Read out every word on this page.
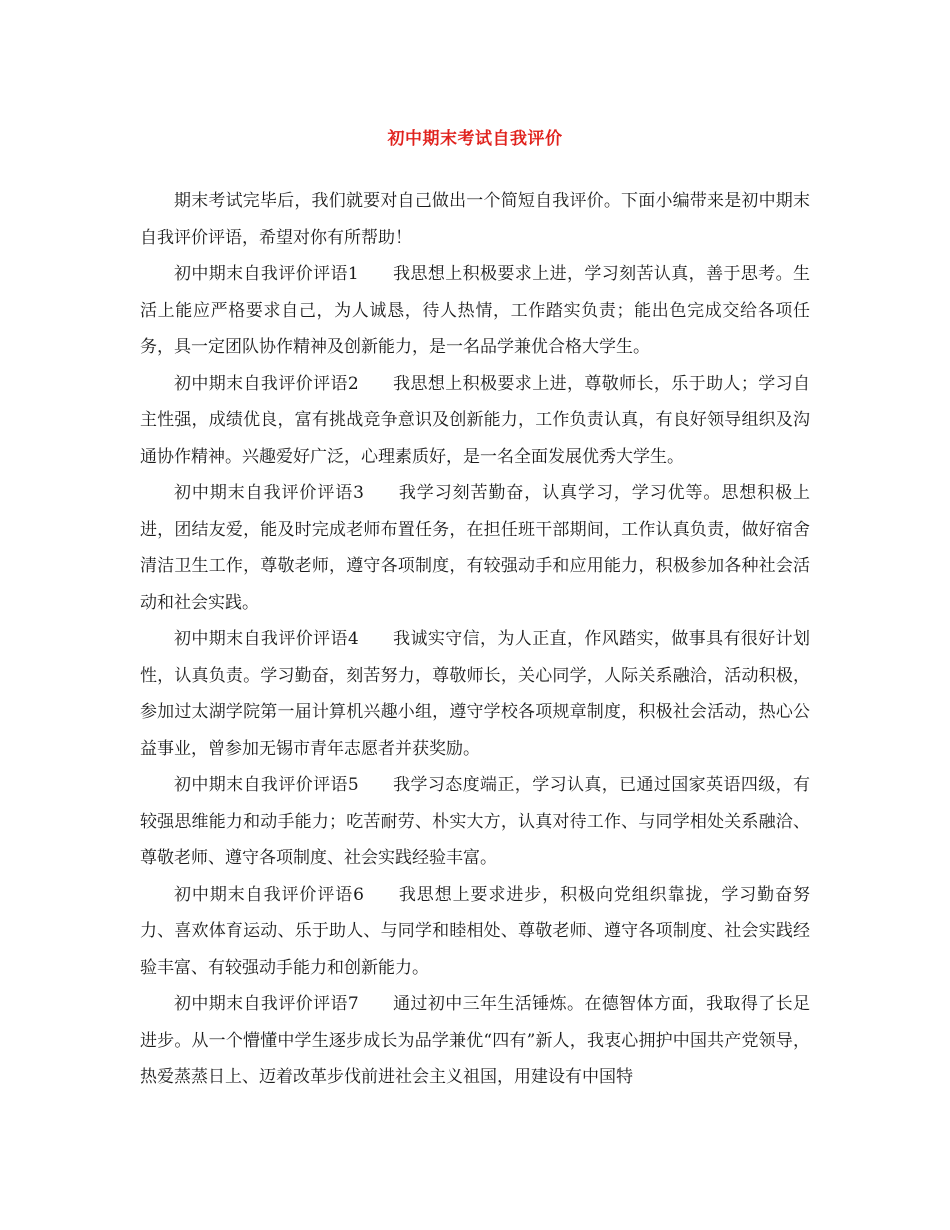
初中期末考试自我评价

期末考试完毕后，我们就要对自己做出一个简短自我评价。下面小编带来是初中期末自我评价评语，希望对你有所帮助！

初中期末自我评价评语1 我思想上积极要求上进，学习刻苦认真，善于思考。生活上能应严格要求自己，为人诚恳，待人热情，工作踏实负责；能出色完成交给各项任务，具一定团队协作精神及创新能力，是一名品学兼优合格大学生。

初中期末自我评价评语2 我思想上积极要求上进，尊敬师长，乐于助人；学习自主性强，成绩优良，富有挑战竞争意识及创新能力，工作负责认真，有良好领导组织及沟通协作精神。兴趣爱好广泛，心理素质好，是一名全面发展优秀大学生。

初中期末自我评价评语3 我学习刻苦勤奋，认真学习，学习优等。思想积极上进，团结友爱，能及时完成老师布置任务，在担任班干部期间，工作认真负责，做好宿舍清洁卫生工作，尊敬老师，遵守各项制度，有较强动手和应用能力，积极参加各种社会活动和社会实践。

初中期末自我评价评语4 我诚实守信，为人正直，作风踏实，做事具有很好计划性，认真负责。学习勤奋，刻苦努力，尊敬师长，关心同学，人际关系融洽，活动积极，参加过太湖学院第一届计算机兴趣小组，遵守学校各项规章制度，积极社会活动，热心公益事业，曾参加无锡市青年志愿者并获奖励。

初中期末自我评价评语5 我学习态度端正，学习认真，已通过国家英语四级，有较强思维能力和动手能力；吃苦耐劳、朴实大方，认真对待工作、与同学相处关系融洽、尊敬老师、遵守各项制度、社会实践经验丰富。

初中期末自我评价评语6 我思想上要求进步，积极向党组织靠拢，学习勤奋努力、喜欢体育运动、乐于助人、与同学和睦相处、尊敬老师、遵守各项制度、社会实践经验丰富、有较强动手能力和创新能力。

初中期末自我评价评语7 通过初中三年生活锤炼。在德智体方面，我取得了长足进步。从一个懵懂中学生逐步成长为品学兼优“四有”新人，我衷心拥护中国共产党领导，热爱蒸蒸日上、迈着改革步伐前进社会主义祖国，用建设有中国特
